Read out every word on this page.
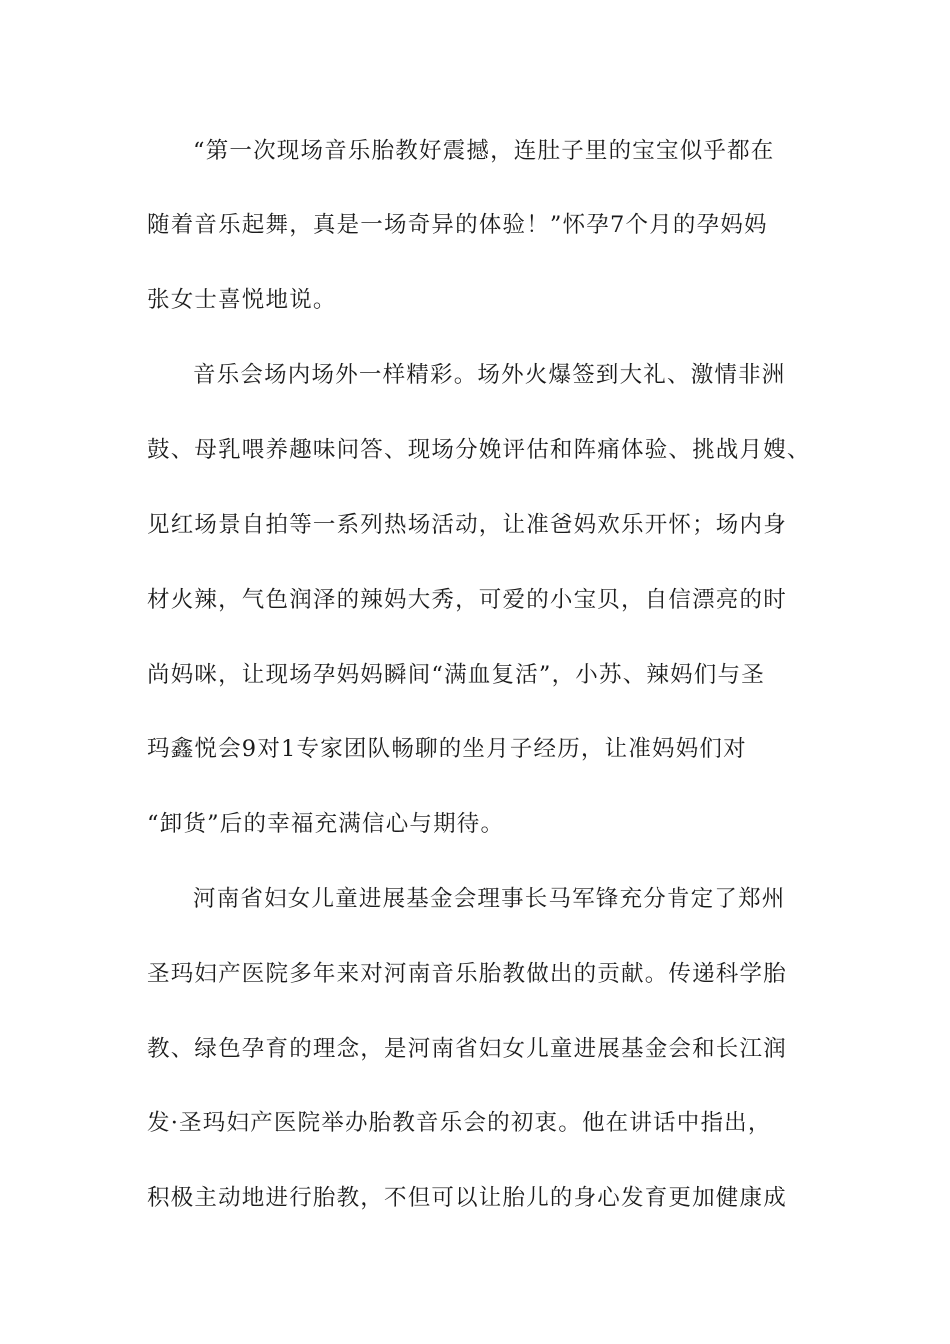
“第一次现场音乐胎教好震撼，连肚子里的宝宝似乎都在
随着音乐起舞，真是一场奇异的体验！”怀孕7个月的孕妈妈
张女士喜悦地说。
音乐会场内场外一样精彩。场外火爆签到大礼、激情非洲
鼓、母乳喂养趣味问答、现场分娩评估和阵痛体验、挑战月嫂、
见红场景自拍等一系列热场活动，让准爸妈欢乐开怀；场内身
材火辣，气色润泽的辣妈大秀，可爱的小宝贝，自信漂亮的时
尚妈咪，让现场孕妈妈瞬间“满血复活”，小苏、辣妈们与圣
玛鑫悦会9对1专家团队畅聊的坐月子经历，让准妈妈们对
“卸货”后的幸福充满信心与期待。
河南省妇女儿童进展基金会理事长马军锋充分肯定了郑州
圣玛妇产医院多年来对河南音乐胎教做出的贡献。传递科学胎
教、绿色孕育的理念，是河南省妇女儿童进展基金会和长江润
发·圣玛妇产医院举办胎教音乐会的初衷。他在讲话中指出，
积极主动地进行胎教，不但可以让胎儿的身心发育更加健康成
